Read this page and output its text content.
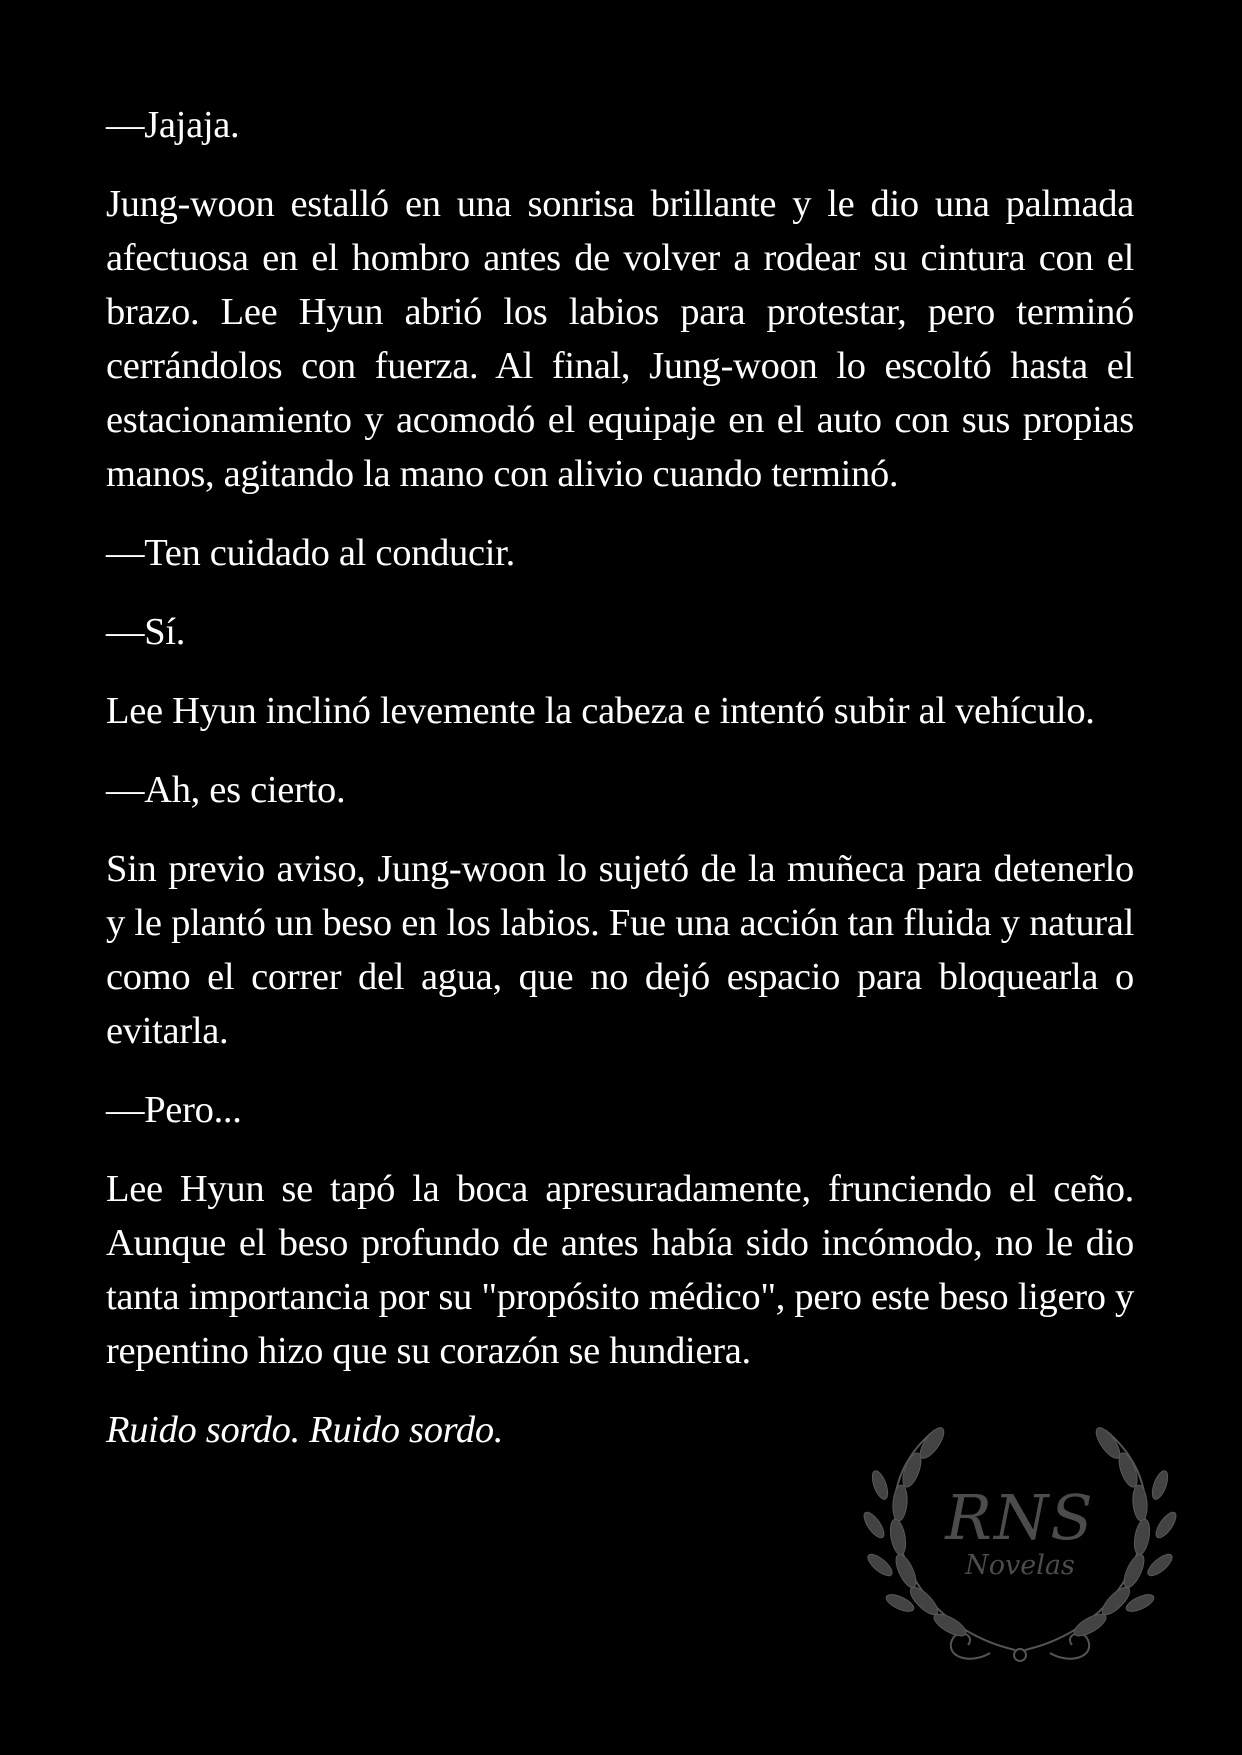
—Jajaja.

Jung-woon estalló en una sonrisa brillante y le dio una palmada afectuosa en el hombro antes de volver a rodear su cintura con el brazo. Lee Hyun abrió los labios para protestar, pero terminó cerrándolos con fuerza. Al final, Jung-woon lo escoltó hasta el estacionamiento y acomodó el equipaje en el auto con sus propias manos, agitando la mano con alivio cuando terminó.

—Ten cuidado al conducir.

—Sí.

Lee Hyun inclinó levemente la cabeza e intentó subir al vehículo.

—Ah, es cierto.

Sin previo aviso, Jung-woon lo sujetó de la muñeca para detenerlo y le plantó un beso en los labios. Fue una acción tan fluida y natural como el correr del agua, que no dejó espacio para bloquearla o evitarla.

—Pero...

Lee Hyun se tapó la boca apresuradamente, frunciendo el ceño. Aunque el beso profundo de antes había sido incómodo, no le dio tanta importancia por su "propósito médico", pero este beso ligero y repentino hizo que su corazón se hundiera.

Ruido sordo. Ruido sordo.

RNS
Novelas
